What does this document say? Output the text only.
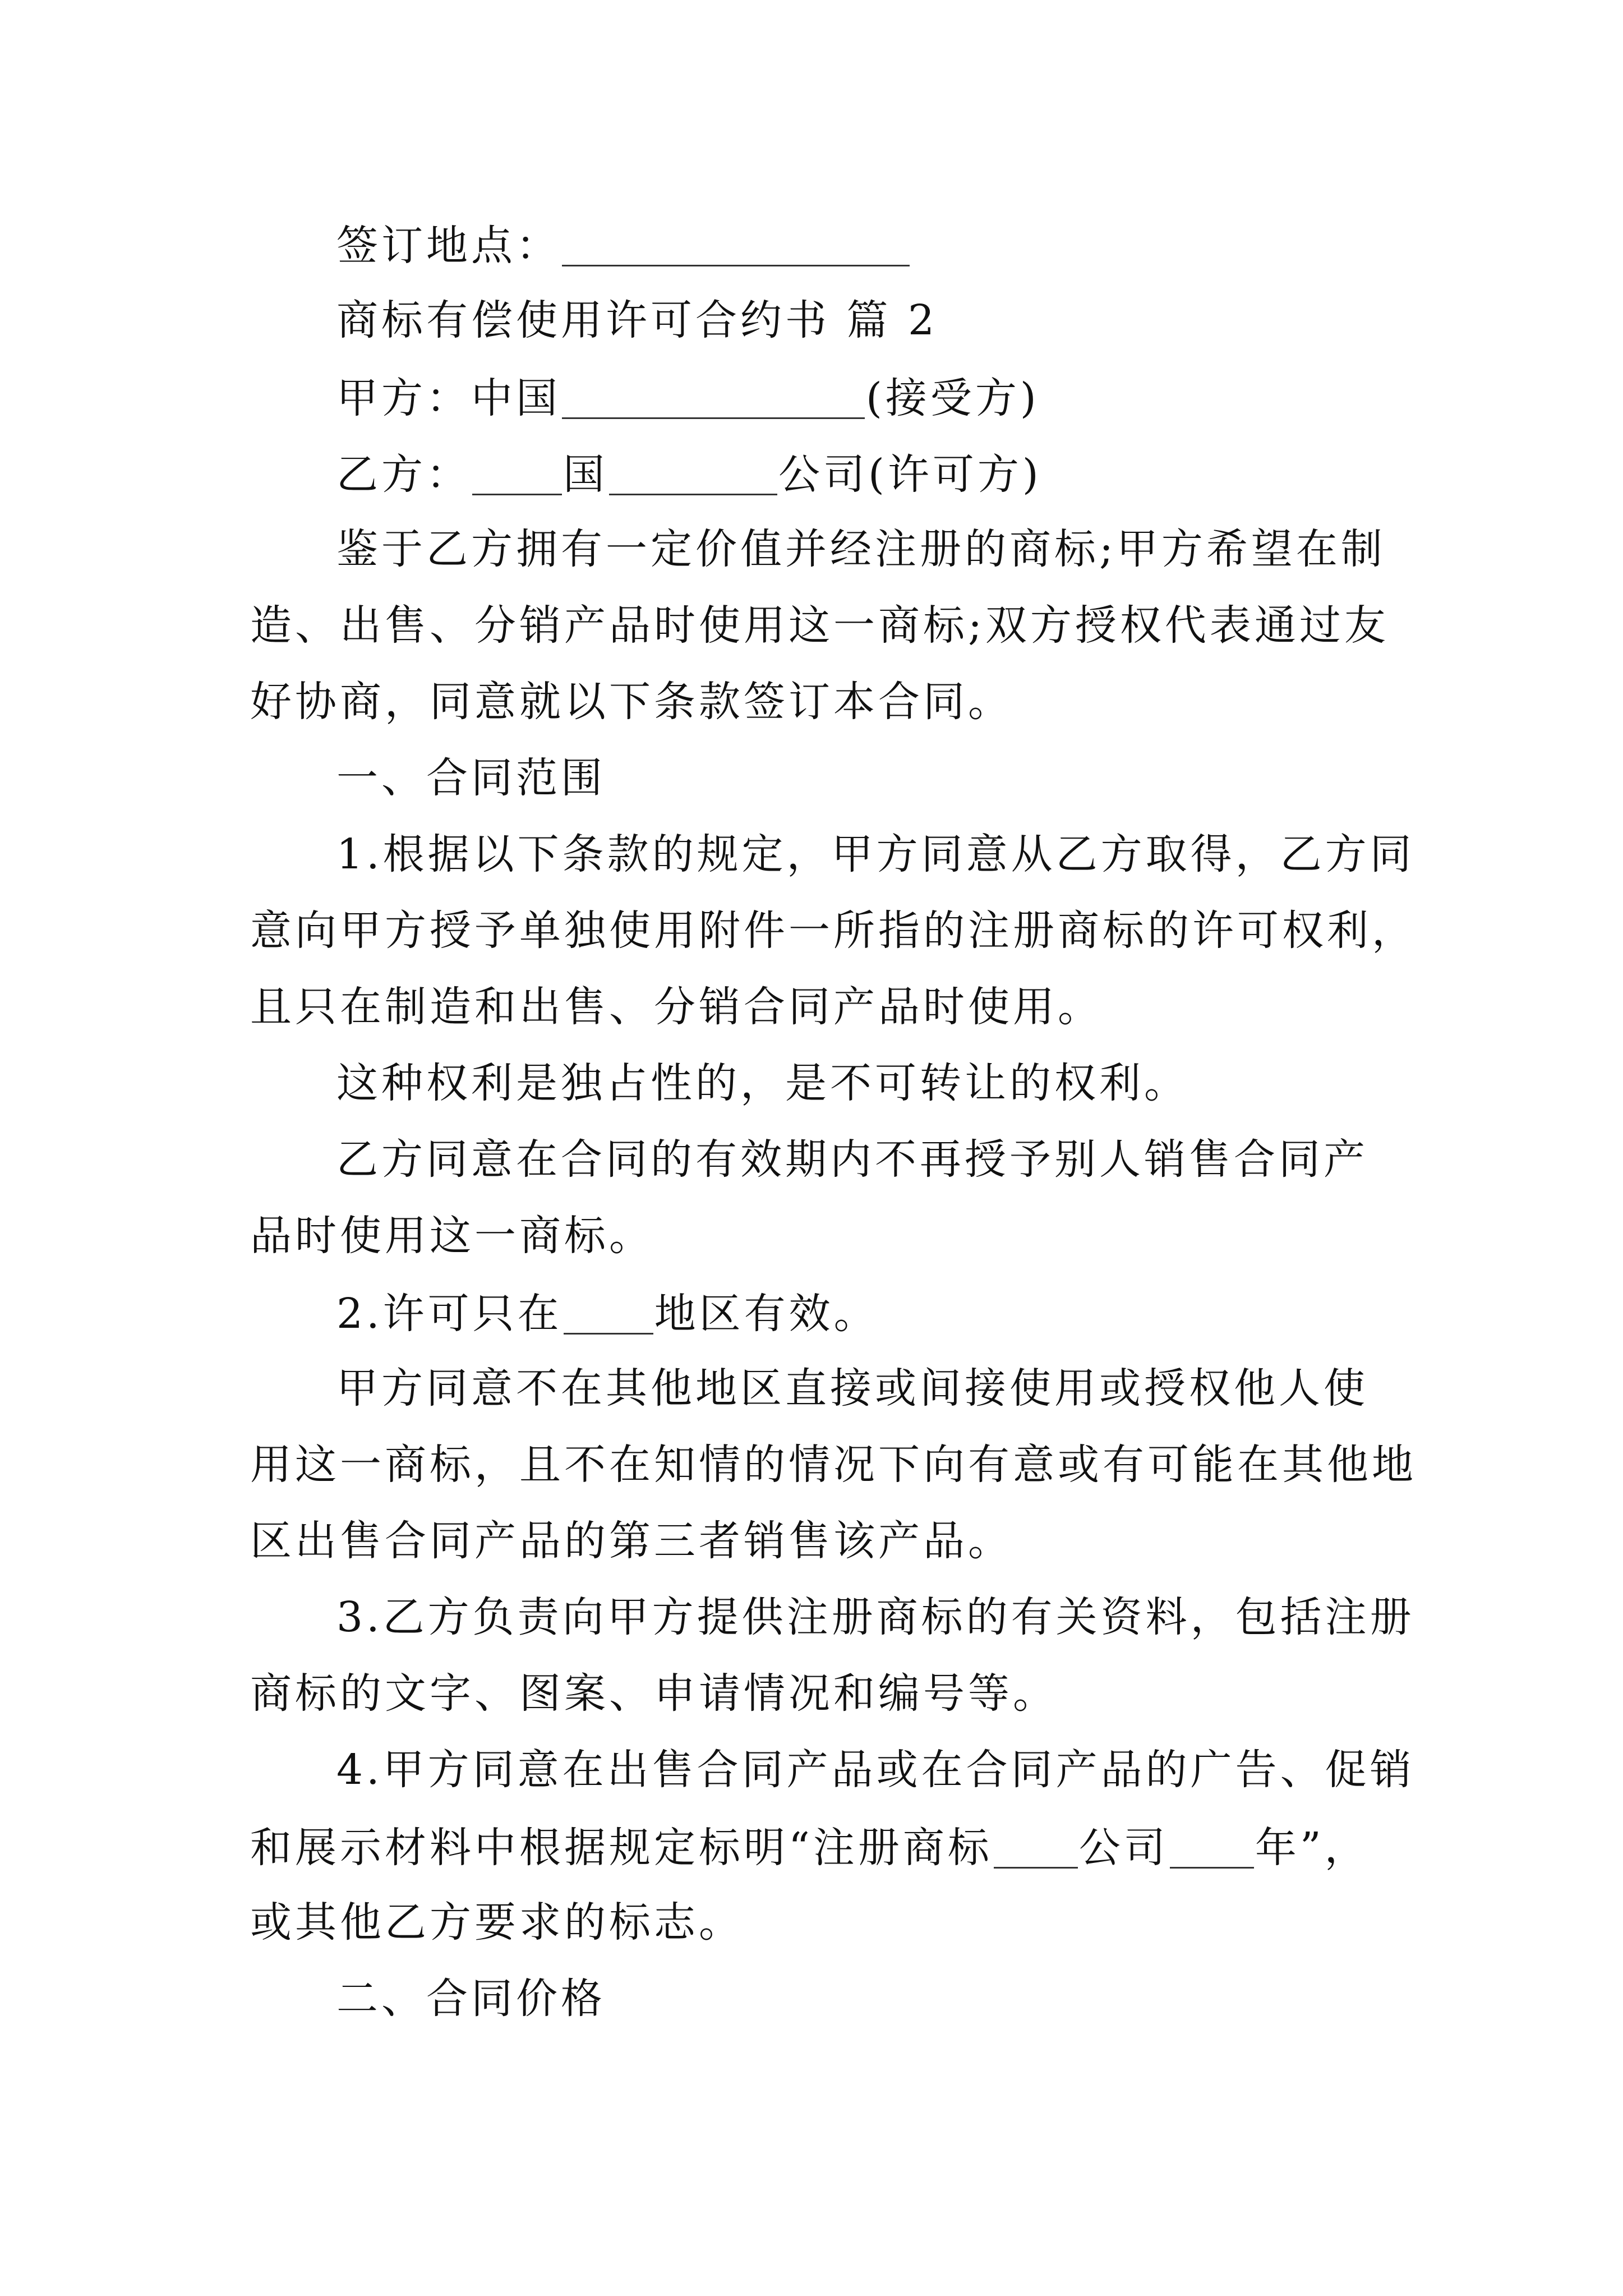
签订地点：

商标有偿使用许可合约书 篇 2

甲方：中国	(接受方)

乙方： 国	公司(许可方)

鉴于乙方拥有一定价值并经注册的商标;甲方希望在制

造、出售、分销产品时使用这一商标;双方授权代表通过友

好协商，同意就以下条款签订本合同。

一、合同范围

1.根据以下条款的规定，甲方同意从乙方取得，乙方同

意向甲方授予单独使用附件一所指的注册商标的许可权利，

且只在制造和出售、分销合同产品时使用。

这种权利是独占性的，是不可转让的权利。

乙方同意在合同的有效期内不再授予别人销售合同产

品时使用这一商标。

2.许可只在 地区有效。

甲方同意不在其他地区直接或间接使用或授权他人使

用这一商标，且不在知情的情况下向有意或有可能在其他地

区出售合同产品的第三者销售该产品。

3.乙方负责向甲方提供注册商标的有关资料，包括注册

商标的文字、图案、申请情况和编号等。

4.甲方同意在出售合同产品或在合同产品的广告、促销

和展示材料中根据规定标明“注册商标 公司 年”，

或其他乙方要求的标志。

二、合同价格
